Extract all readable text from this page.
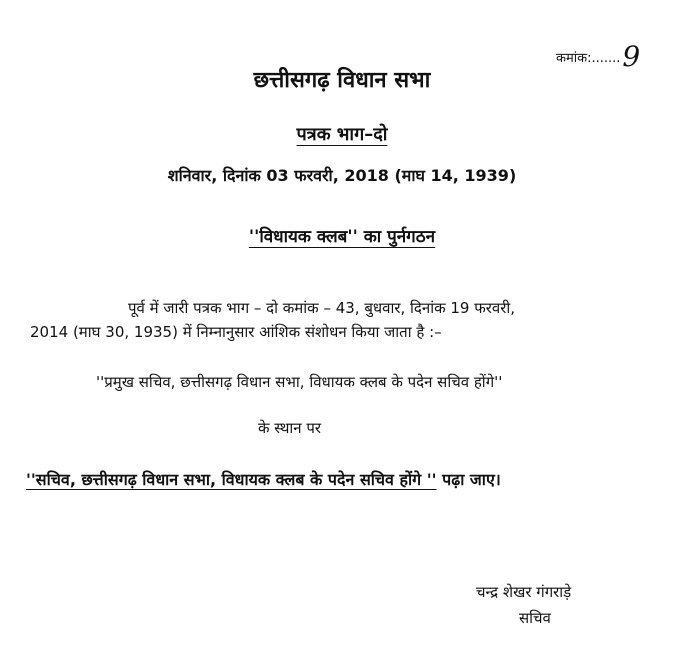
कमांक:.......9
छत्तीसगढ़ विधान सभा
पत्रक भाग–दो
शनिवार, दिनांक 03 फरवरी, 2018 (माघ 14, 1939)
''विधायक क्लब'' का पुर्नगठन
पूर्व में जारी पत्रक भाग – दो कमांक – 43, बुधवार, दिनांक 19 फरवरी,
2014 (माघ 30, 1935) में निम्नानुसार आंशिक संशोधन किया जाता है :–
''प्रमुख सचिव, छत्तीसगढ़ विधान सभा, विधायक क्लब के पदेन सचिव होंगे''
के स्थान पर
''सचिव, छत्तीसगढ़ विधान सभा, विधायक क्लब के पदेन सचिव होंगे '' पढ़ा जाए।
चन्द्र शेखर गंगराड़े
सचिव
